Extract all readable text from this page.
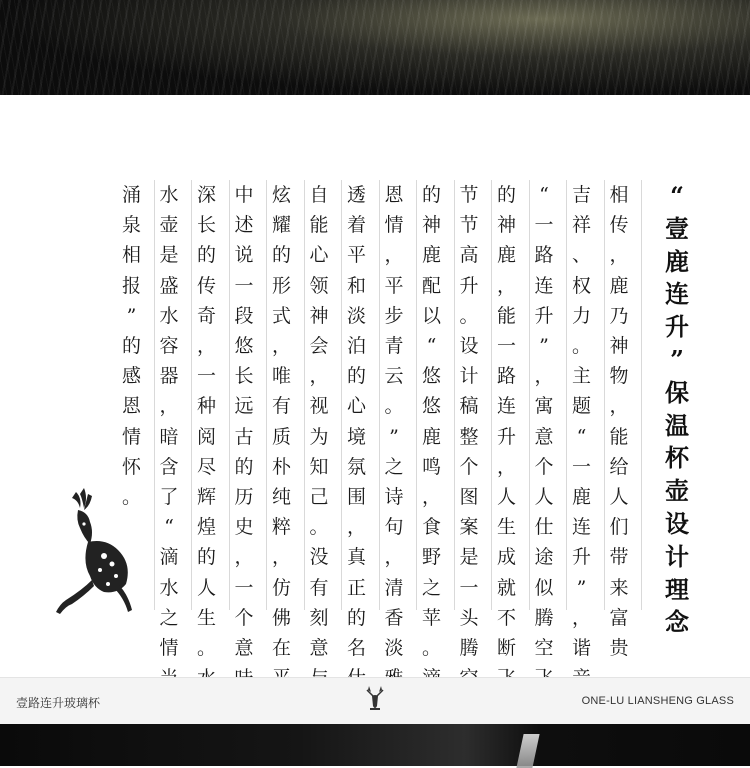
相
传
，
鹿
乃
神
物
，
能
给
人
们
带
来
富
贵
吉
祥
、
权
力
。
主
题
“
一
鹿
连
升
”
，
谐
“
一
路
连
升
”
，
寓
意
个
人
仕
途
似
腾
空
的
神
鹿
，
能
一
路
连
升
，
人
生
成
就
不
断
节
节
高
升
。
设
计
稿
整
个
图
案
是
一
头
腾
的
神
鹿
配
以
“
悠
悠
鹿
鸣
，
食
野
之
苹
。
恩
情
，
平
步
青
云
。
”
之
诗
句
，
清
香
淡
透
着
平
和
淡
泊
的
心
境
氛
围
，
真
正
的
名
自
能
心
领
神
会
，
视
为
知
己
。
没
有
刻
意
炫
耀
的
形
式
，
唯
有
质
朴
纯
粹
，
仿
佛
在
中
述
说
一
段
悠
长
远
古
的
历
史
，
一
个
意
深
长
的
传
奇
，
一
种
阅
尽
辉
煌
的
人
生
。
水
壶
是
盛
水
容
器
，
暗
含
了
“
滴
水
之
情
涌
泉
相
报
”
的
感
恩
情
怀
。
“
壹
鹿
连
升
”
保
温
杯
壶
设
计
理
念
壹路连升玻璃杯	ONE-LU LIANSHENG GLASS
